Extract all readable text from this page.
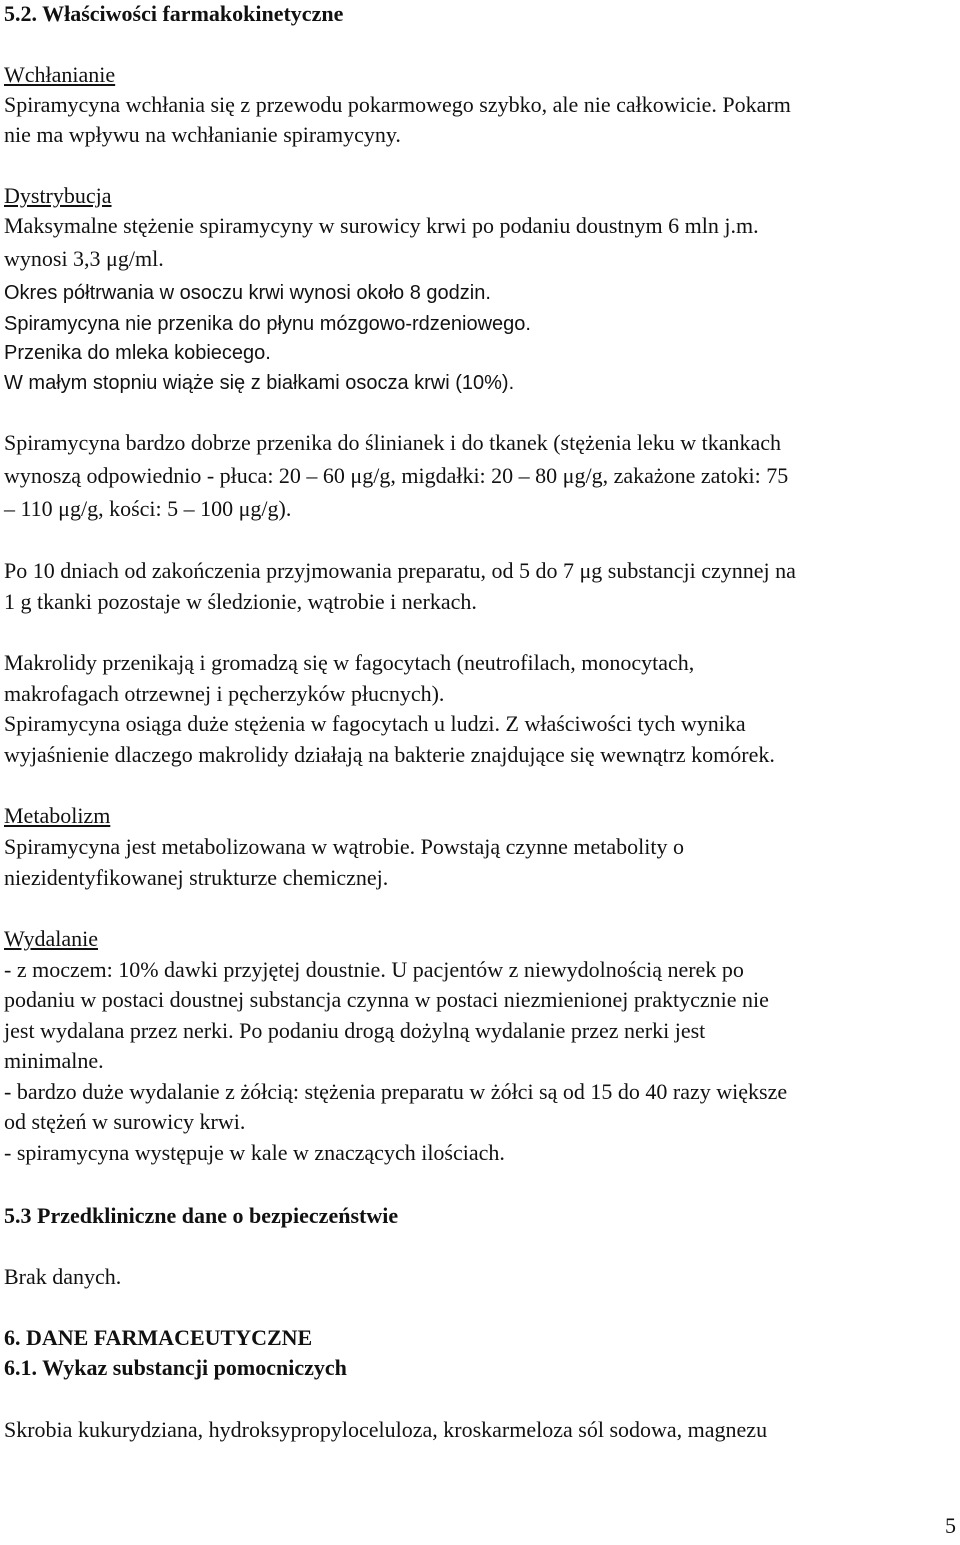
5.2. Właściwości farmakokinetyczne
Wchłanianie
Spiramycyna wchłania się z przewodu pokarmowego szybko, ale nie całkowicie. Pokarm
nie ma wpływu na wchłanianie spiramycyny.
Dystrybucja
Maksymalne stężenie spiramycyny w surowicy krwi po podaniu doustnym 6 mln j.m.
wynosi 3,3 μg/ml.
Okres półtrwania w osoczu krwi wynosi około 8 godzin.
Spiramycyna nie przenika do płynu mózgowo-rdzeniowego.
Przenika do mleka kobiecego.
W małym stopniu wiąże się z białkami osocza krwi (10%).
Spiramycyna bardzo dobrze przenika do ślinianek i do tkanek (stężenia leku w tkankach
wynoszą odpowiednio - płuca: 20 – 60 μg/g, migdałki: 20 – 80 μg/g, zakażone zatoki: 75
– 110 μg/g, kości: 5 – 100 μg/g).
Po 10 dniach od zakończenia przyjmowania preparatu, od 5 do 7 μg substancji czynnej na
1 g tkanki pozostaje w śledzionie, wątrobie i nerkach.
Makrolidy przenikają i gromadzą się w fagocytach (neutrofilach, monocytach,
makrofagach otrzewnej i pęcherzyków płucnych).
Spiramycyna osiąga duże stężenia w fagocytach u ludzi. Z właściwości tych wynika
wyjaśnienie dlaczego makrolidy działają na bakterie znajdujące się wewnątrz komórek.
Metabolizm
Spiramycyna jest metabolizowana w wątrobie. Powstają czynne metabolity o
niezidentyfikowanej strukturze chemicznej.
Wydalanie
- z moczem: 10% dawki przyjętej doustnie. U pacjentów z niewydolnością nerek po
podaniu w postaci doustnej substancja czynna w postaci niezmienionej praktycznie nie
jest wydalana przez nerki. Po podaniu drogą dożylną wydalanie przez nerki jest
minimalne.
- bardzo duże wydalanie z żółcią: stężenia preparatu w żółci są od 15 do 40 razy większe
od stężeń w surowicy krwi.
- spiramycyna występuje w kale w znaczących ilościach.
5.3 Przedkliniczne dane o bezpieczeństwie
Brak danych.
6. DANE FARMACEUTYCZNE
6.1. Wykaz substancji pomocniczych
Skrobia kukurydziana, hydroksypropyloceluloza, kroskarmeloza sól sodowa, magnezu
5
